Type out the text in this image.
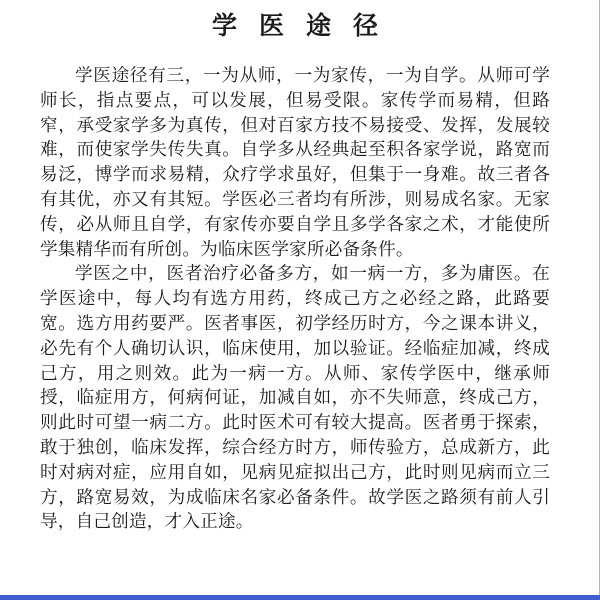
学医途径

学医途径有三，一为从师，一为家传，一为自学。从师可学师长，指点要点，可以发展，但易受限。家传学而易精，但路窄，承受家学多为真传，但对百家方技不易接受、发挥，发展较难，而使家学失传失真。自学多从经典起至积各家学说，路宽而易泛，博学而求易精，众疗学求虽好，但集于一身难。故三者各有其优，亦又有其短。学医必三者均有所涉，则易成名家。无家传，必从师且自学，有家传亦要自学且多学各家之术，才能使所学集精华而有所创。为临床医学家所必备条件。

学医之中，医者治疗必备多方，如一病一方，多为庸医。在学医途中，每人均有选方用药，终成己方之必经之路，此路要宽。选方用药要严。医者事医，初学经历时方，今之课本讲义，必先有个人确切认识，临床使用，加以验证。经临症加减，终成己方，用之则效。此为一病一方。从师、家传学医中，继承师授，临症用方，何病何证，加减自如，亦不失师意，终成己方，则此时可望一病二方。此时医术可有较大提高。医者勇于探索，敢于独创，临床发挥，综合经方时方，师传验方，总成新方，此时对病对症，应用自如，见病见症拟出己方，此时则见病而立三方，路宽易效，为成临床名家必备条件。故学医之路须有前人引导，自己创造，才入正途。
